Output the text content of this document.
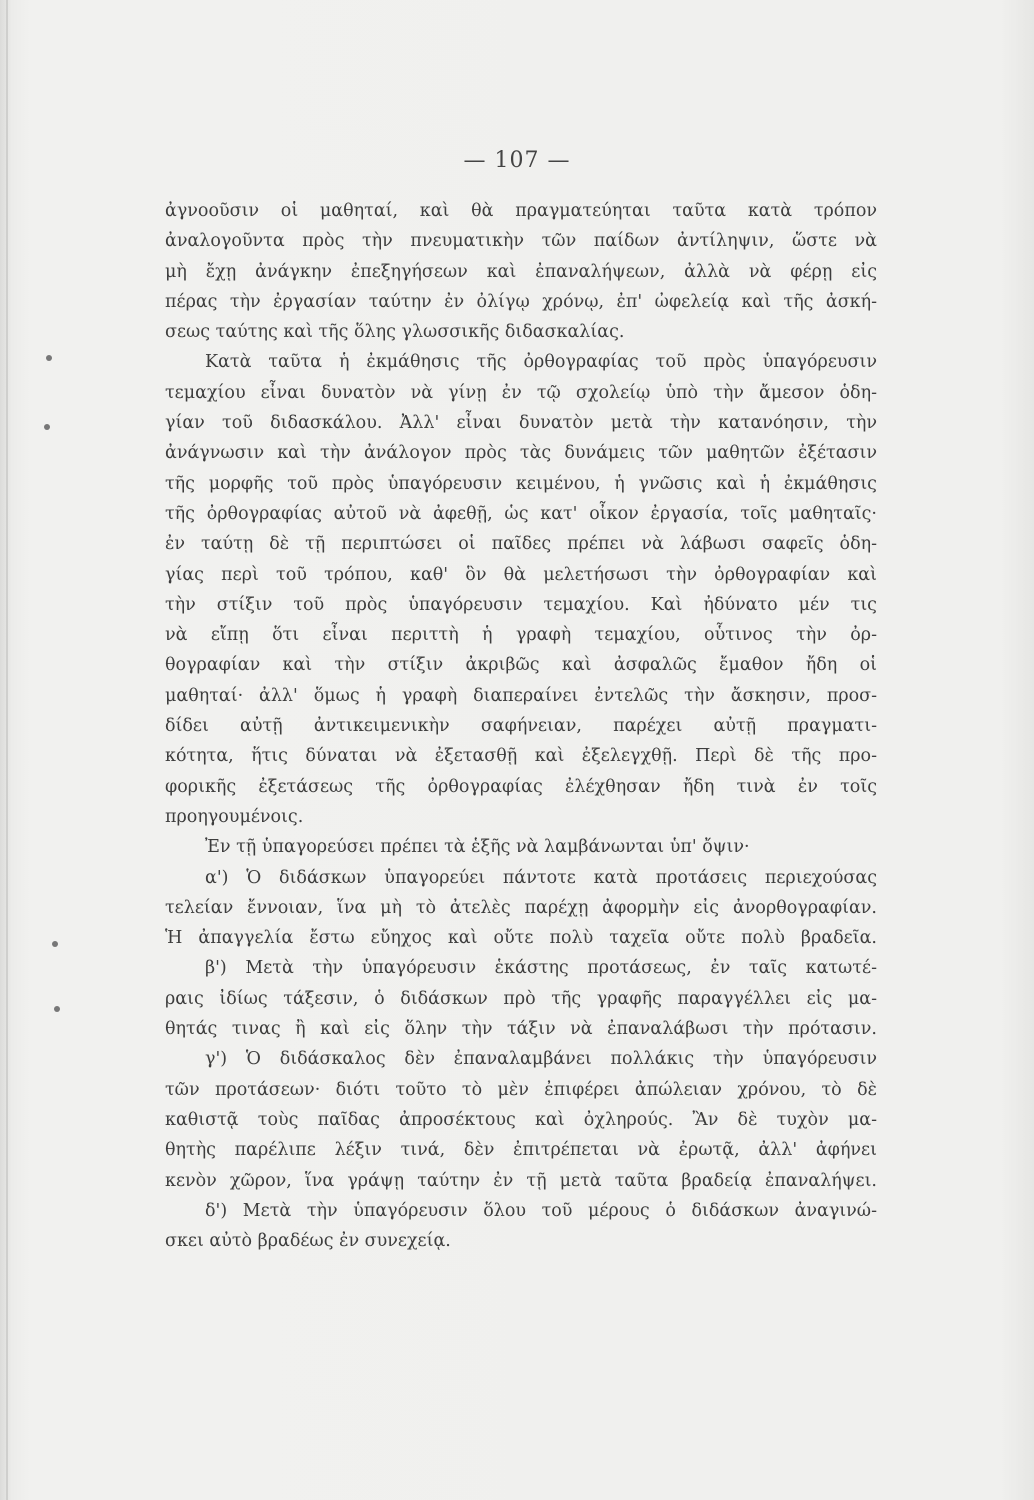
— 107 —
ἀγνοοῦσιν οἱ μαθηταί, καὶ θὰ πραγματεύηται ταῦτα κατὰ τρόπον
ἀναλογοῦντα πρὸς τὴν πνευματικὴν τῶν παίδων ἀντίληψιν, ὥστε νὰ
μὴ ἔχῃ ἀνάγκην ἐπεξηγήσεων καὶ ἐπαναλήψεων, ἀλλὰ νὰ φέρῃ εἰς
πέρας τὴν ἐργασίαν ταύτην ἐν ὀλίγῳ χρόνῳ, ἐπ' ὠφελείᾳ καὶ τῆς ἀσκή-
σεως ταύτης καὶ τῆς ὅλης γλωσσικῆς διδασκαλίας.
Κατὰ ταῦτα ἡ ἐκμάθησις τῆς ὀρθογραφίας τοῦ πρὸς ὑπαγόρευσιν
τεμαχίου εἶναι δυνατὸν νὰ γίνῃ ἐν τῷ σχολείῳ ὑπὸ τὴν ἄμεσον ὁδη-
γίαν τοῦ διδασκάλου. Ἀλλ' εἶναι δυνατὸν μετὰ τὴν κατανόησιν, τὴν
ἀνάγνωσιν καὶ τὴν ἀνάλογον πρὸς τὰς δυνάμεις τῶν μαθητῶν ἐξέτασιν
τῆς μορφῆς τοῦ πρὸς ὑπαγόρευσιν κειμένου, ἡ γνῶσις καὶ ἡ ἐκμάθησις
τῆς ὀρθογραφίας αὐτοῦ νὰ ἀφεθῇ, ὡς κατ' οἶκον ἐργασία, τοῖς μαθηταῖς·
ἐν ταύτῃ δὲ τῇ περιπτώσει οἱ παῖδες πρέπει νὰ λάβωσι σαφεῖς ὁδη-
γίας περὶ τοῦ τρόπου, καθ' ὃν θὰ μελετήσωσι τὴν ὀρθογραφίαν καὶ
τὴν στίξιν τοῦ πρὸς ὑπαγόρευσιν τεμαχίου. Καὶ ἠδύνατο μέν τις
νὰ εἴπῃ ὅτι εἶναι περιττὴ ἡ γραφὴ τεμαχίου, οὗτινος τὴν ὀρ-
θογραφίαν καὶ τὴν στίξιν ἀκριβῶς καὶ ἀσφαλῶς ἔμαθον ἤδη οἱ
μαθηταί· ἀλλ' ὅμως ἡ γραφὴ διαπεραίνει ἐντελῶς τὴν ἄσκησιν, προσ-
δίδει αὐτῇ ἀντικειμενικὴν σαφήνειαν, παρέχει αὐτῇ πραγματι-
κότητα, ἥτις δύναται νὰ ἐξετασθῇ καὶ ἐξελεγχθῇ. Περὶ δὲ τῆς προ-
φορικῆς ἐξετάσεως τῆς ὀρθογραφίας ἐλέχθησαν ἤδη τινὰ ἐν τοῖς
προηγουμένοις.
Ἐν τῇ ὑπαγορεύσει πρέπει τὰ ἑξῆς νὰ λαμβάνωνται ὑπ' ὄψιν·
α') Ὁ διδάσκων ὑπαγορεύει πάντοτε κατὰ προτάσεις περιεχούσας
τελείαν ἔννοιαν, ἵνα μὴ τὸ ἀτελὲς παρέχῃ ἀφορμὴν εἰς ἀνορθογραφίαν.
Ἡ ἀπαγγελία ἔστω εὔηχος καὶ οὔτε πολὺ ταχεῖα οὔτε πολὺ βραδεῖα.
β') Μετὰ τὴν ὑπαγόρευσιν ἑκάστης προτάσεως, ἐν ταῖς κατωτέ-
ραις ἰδίως τάξεσιν, ὁ διδάσκων πρὸ τῆς γραφῆς παραγγέλλει εἰς μα-
θητάς τινας ἢ καὶ εἰς ὅλην τὴν τάξιν νὰ ἐπαναλάβωσι τὴν πρότασιν.
γ') Ὁ διδάσκαλος δὲν ἐπαναλαμβάνει πολλάκις τὴν ὑπαγόρευσιν
τῶν προτάσεων· διότι τοῦτο τὸ μὲν ἐπιφέρει ἀπώλειαν χρόνου, τὸ δὲ
καθιστᾷ τοὺς παῖδας ἀπροσέκτους καὶ ὀχληρούς. Ἂν δὲ τυχὸν μα-
θητὴς παρέλιπε λέξιν τινά, δὲν ἐπιτρέπεται νὰ ἐρωτᾷ, ἀλλ' ἀφήνει
κενὸν χῶρον, ἵνα γράψῃ ταύτην ἐν τῇ μετὰ ταῦτα βραδείᾳ ἐπαναλήψει.
δ') Μετὰ τὴν ὑπαγόρευσιν ὅλου τοῦ μέρους ὁ διδάσκων ἀναγινώ-
σκει αὐτὸ βραδέως ἐν συνεχείᾳ.
